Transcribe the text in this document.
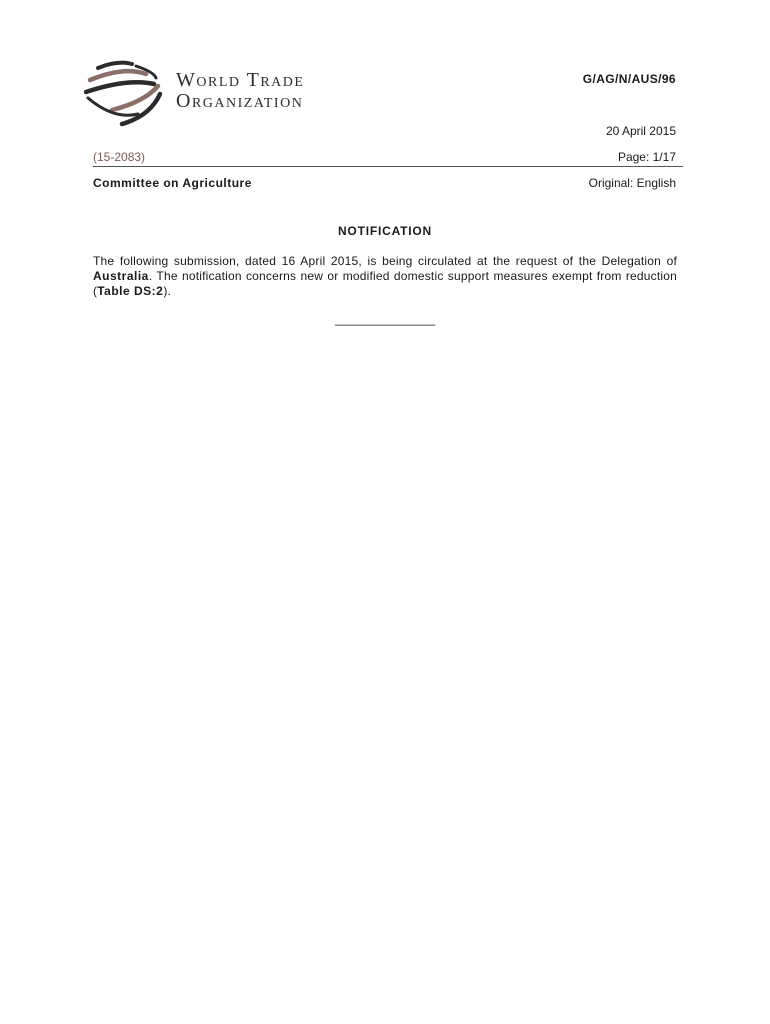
World Trade
Organization
G/AG/N/AUS/96
20 April 2015
(15-2083)	Page: 1/17
Committee on Agriculture	Original: English
NOTIFICATION
The following submission, dated 16 April 2015, is being circulated at the request of the Delegation of Australia. The notification concerns new or modified domestic support measures exempt from reduction (Table DS:2).
_______________
